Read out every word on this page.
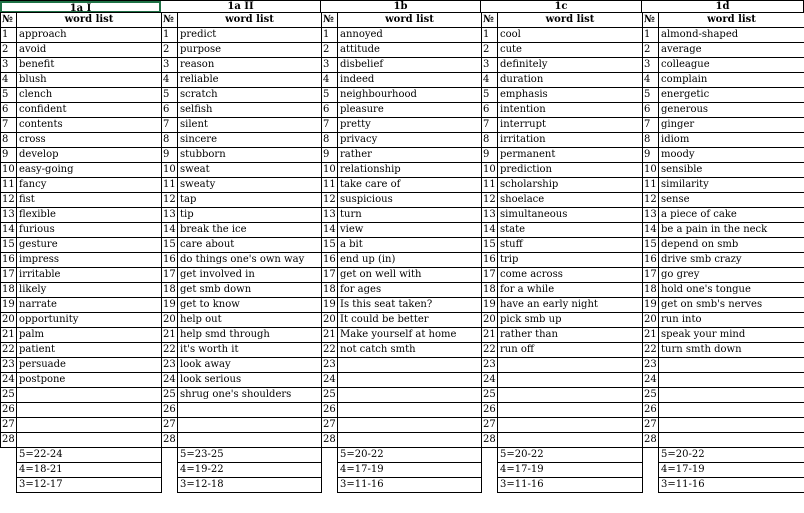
1a I	1a II	1b	1c	1d
№	word list	№	word list	№	word list	№	word list	№	word list
1	approach	1	predict	1	annoyed	1	cool	1	almond-shaped
2	avoid	2	purpose	2	attitude	2	cute	2	average
3	benefit	3	reason	3	disbelief	3	definitely	3	colleague
4	blush	4	reliable	4	indeed	4	duration	4	complain
5	clench	5	scratch	5	neighbourhood	5	emphasis	5	energetic
6	confident	6	selfish	6	pleasure	6	intention	6	generous
7	contents	7	silent	7	pretty	7	interrupt	7	ginger
8	cross	8	sincere	8	privacy	8	irritation	8	idiom
9	develop	9	stubborn	9	rather	9	permanent	9	moody
10	easy-going	10	sweat	10	relationship	10	prediction	10	sensible
11	fancy	11	sweaty	11	take care of	11	scholarship	11	similarity
12	fist	12	tap	12	suspicious	12	shoelace	12	sense
13	flexible	13	tip	13	turn	13	simultaneous	13	a piece of cake
14	furious	14	break the ice	14	view	14	state	14	be a pain in the neck
15	gesture	15	care about	15	a bit	15	stuff	15	depend on smb
16	impress	16	do things one's own way	16	end up (in)	16	trip	16	drive smb crazy
17	irritable	17	get involved in	17	get on well with	17	come across	17	go grey
18	likely	18	get smb down	18	for ages	18	for a while	18	hold one's tongue
19	narrate	19	get to know	19	Is this seat taken?	19	have an early night	19	get on smb's nerves
20	opportunity	20	help out	20	It could be better	20	pick smb up	20	run into
21	palm	21	help smd through	21	Make yourself at home	21	rather than	21	speak your mind
22	patient	22	it's worth it	22	not catch smth	22	run off	22	turn smth down
23	persuade	23	look away	23		23		23	
24	postpone	24	look serious	24		24		24	
25		25	shrug one's shoulders	25		25		25	
26		26		26		26		26	
27		27		27		27		27	
28		28		28		28		28	
	5=22-24		5=23-25		5=20-22		5=20-22		5=20-22
	4=18-21		4=19-22		4=17-19		4=17-19		4=17-19
	3=12-17		3=12-18		3=11-16		3=11-16		3=11-16
